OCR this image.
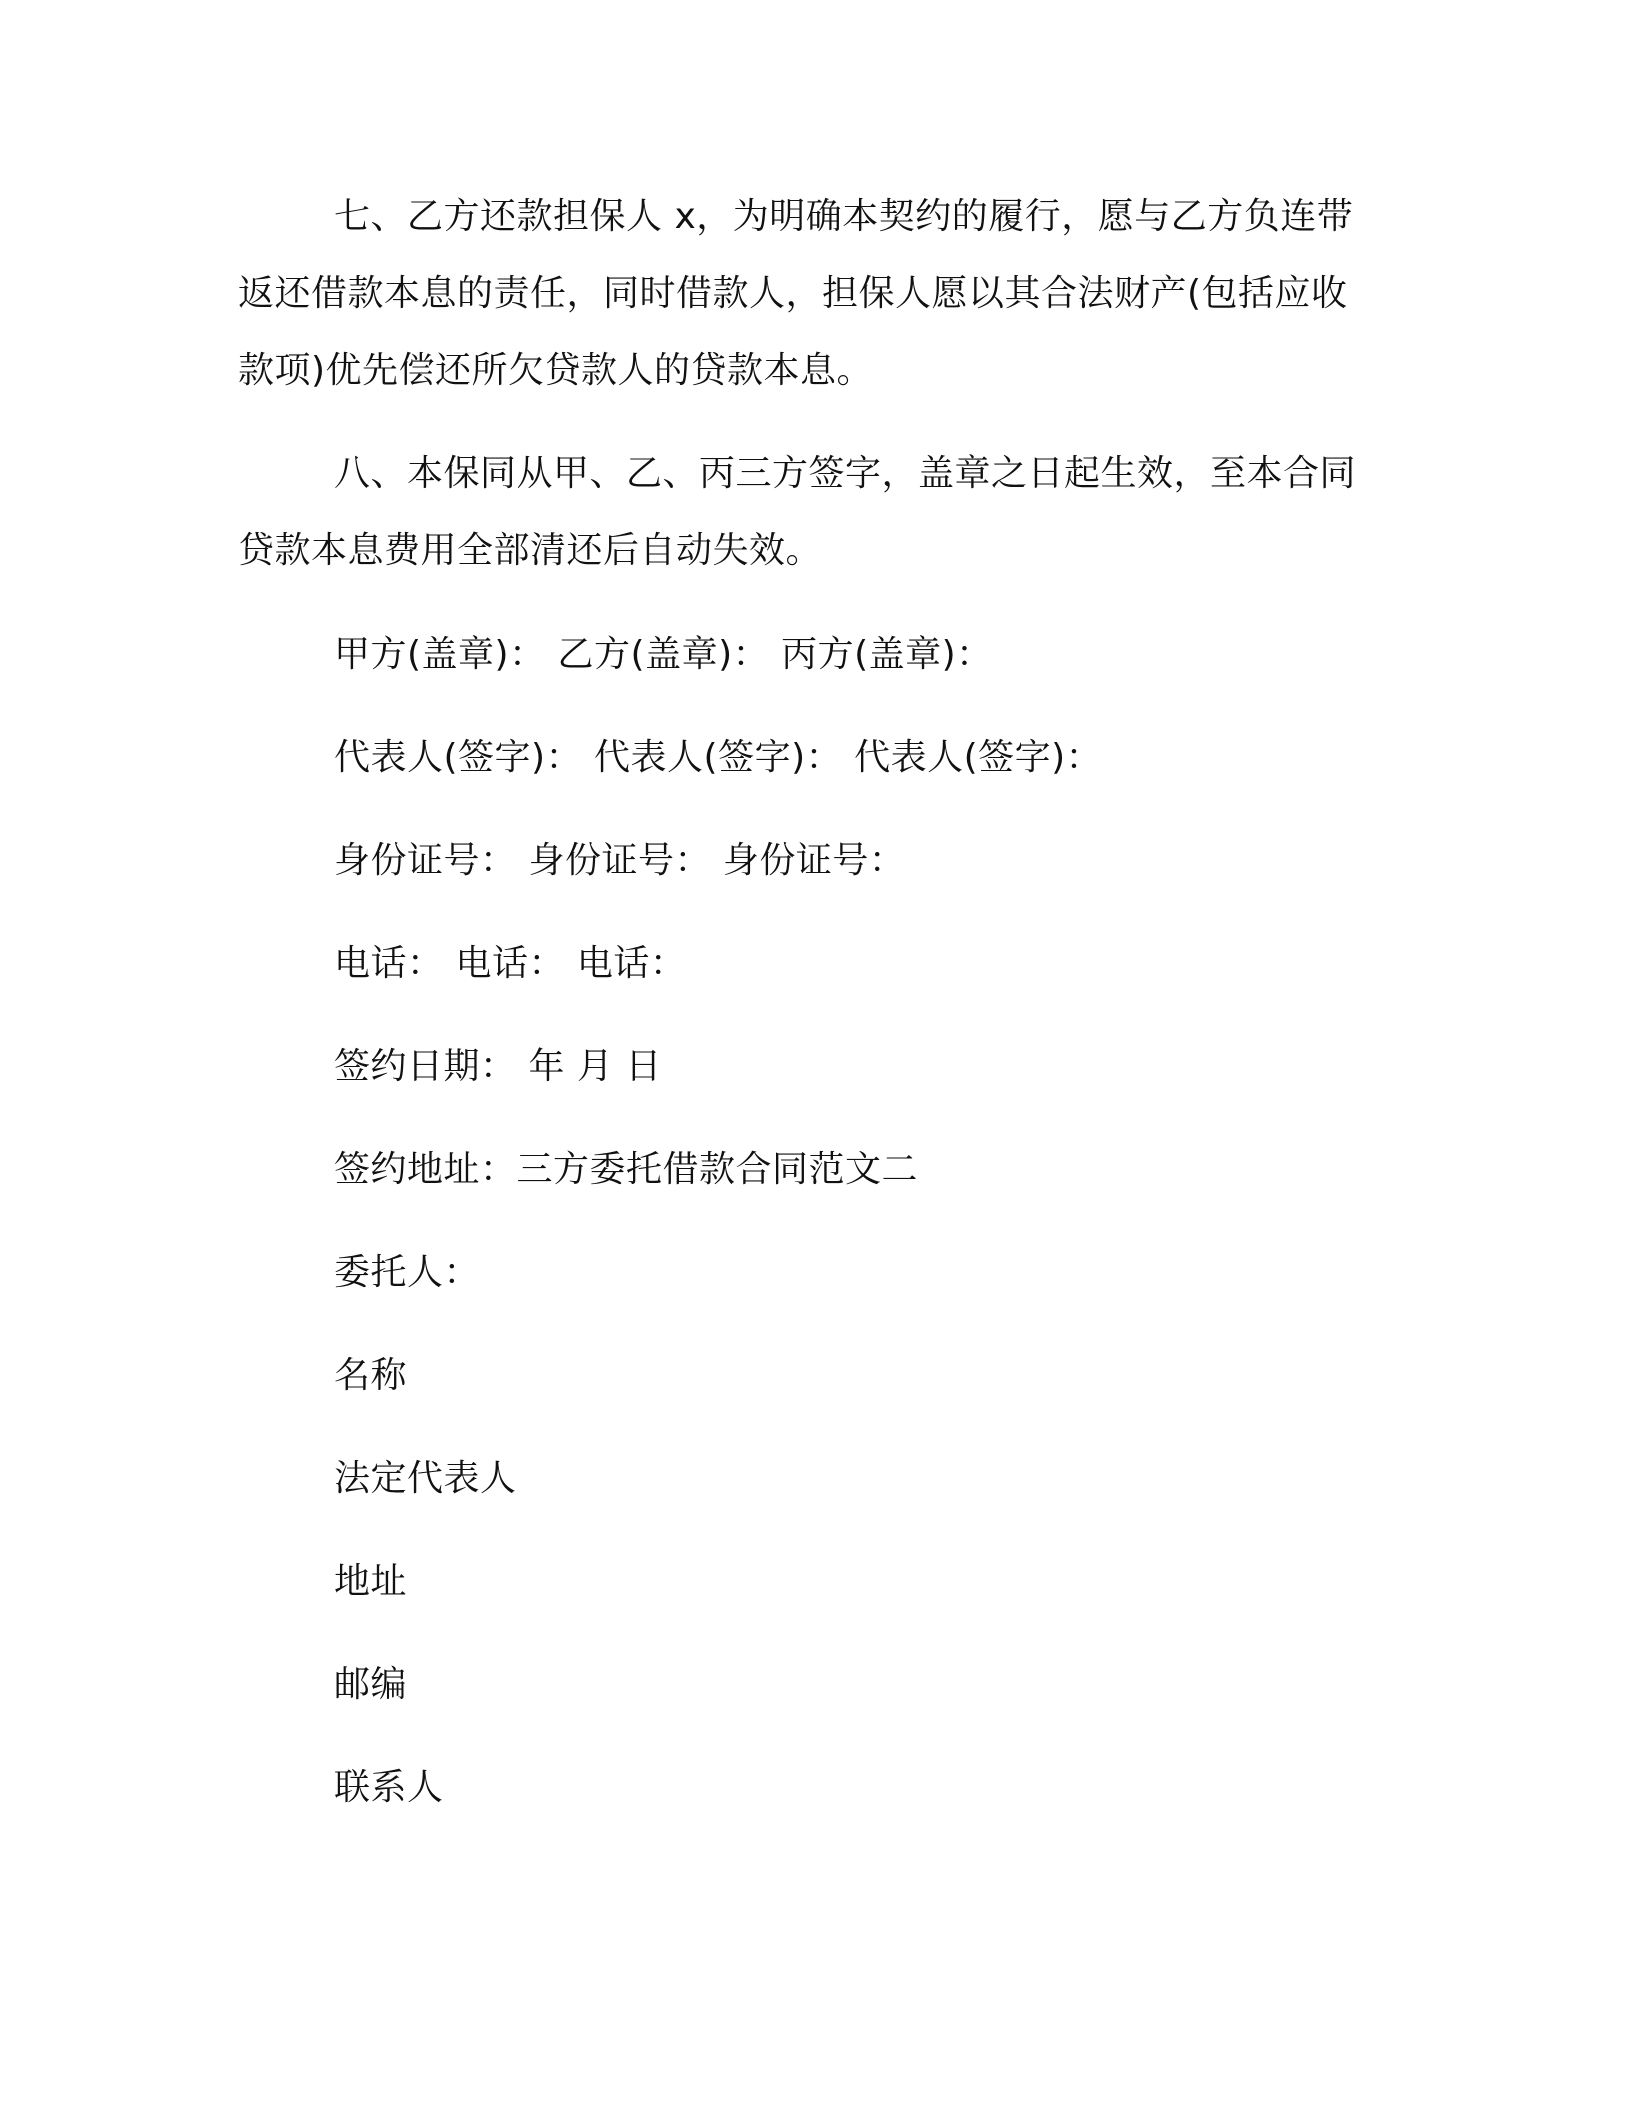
七、乙方还款担保人 x，为明确本契约的履行，愿与乙方负连带返还借款本息的责任，同时借款人，担保人愿以其合法财产(包括应收款项)优先偿还所欠贷款人的贷款本息。

八、本保同从甲、乙、丙三方签字，盖章之日起生效，至本合同贷款本息费用全部清还后自动失效。

甲方(盖章)： 乙方(盖章)： 丙方(盖章)：

代表人(签字)： 代表人(签字)： 代表人(签字)：

身份证号： 身份证号： 身份证号：

电话： 电话： 电话：

签约日期： 年 月 日

签约地址：三方委托借款合同范文二

委托人：

名称

法定代表人

地址

邮编

联系人
